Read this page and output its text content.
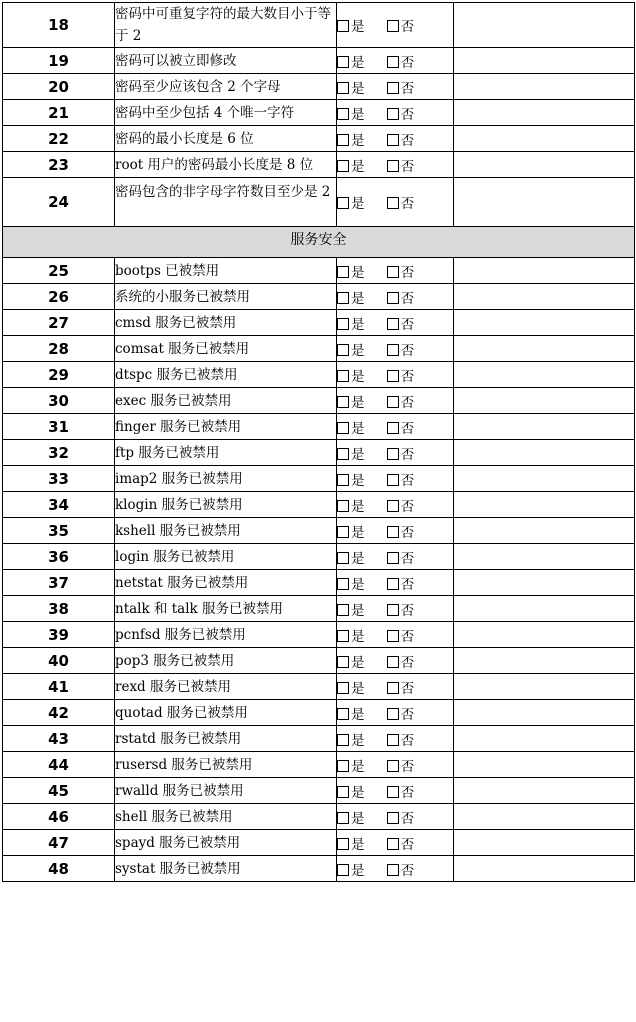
18	密码中可重复字符的最大数目小于等于 2	是 否	
19	密码可以被立即修改	是 否	
20	密码至少应该包含 2 个字母	是 否	
21	密码中至少包括 4 个唯一字符	是 否	
22	密码的最小长度是 6 位	是 否	
23	root 用户的密码最小长度是 8 位	是 否	
24	密码包含的非字母字符数目至少是 2	是 否	
服务安全			
25	bootps 已被禁用	是 否	
26	系统的小服务已被禁用	是 否	
27	cmsd 服务已被禁用	是 否	
28	comsat 服务已被禁用	是 否	
29	dtspc 服务已被禁用	是 否	
30	exec 服务已被禁用	是 否	
31	finger 服务已被禁用	是 否	
32	ftp 服务已被禁用	是 否	
33	imap2 服务已被禁用	是 否	
34	klogin 服务已被禁用	是 否	
35	kshell 服务已被禁用	是 否	
36	login 服务已被禁用	是 否	
37	netstat 服务已被禁用	是 否	
38	ntalk 和 talk 服务已被禁用	是 否	
39	pcnfsd 服务已被禁用	是 否	
40	pop3 服务已被禁用	是 否	
41	rexd 服务已被禁用	是 否	
42	quotad 服务已被禁用	是 否	
43	rstatd 服务已被禁用	是 否	
44	rusersd 服务已被禁用	是 否	
45	rwalld 服务已被禁用	是 否	
46	shell 服务已被禁用	是 否	
47	spayd 服务已被禁用	是 否	
48	systat 服务已被禁用	是 否	
